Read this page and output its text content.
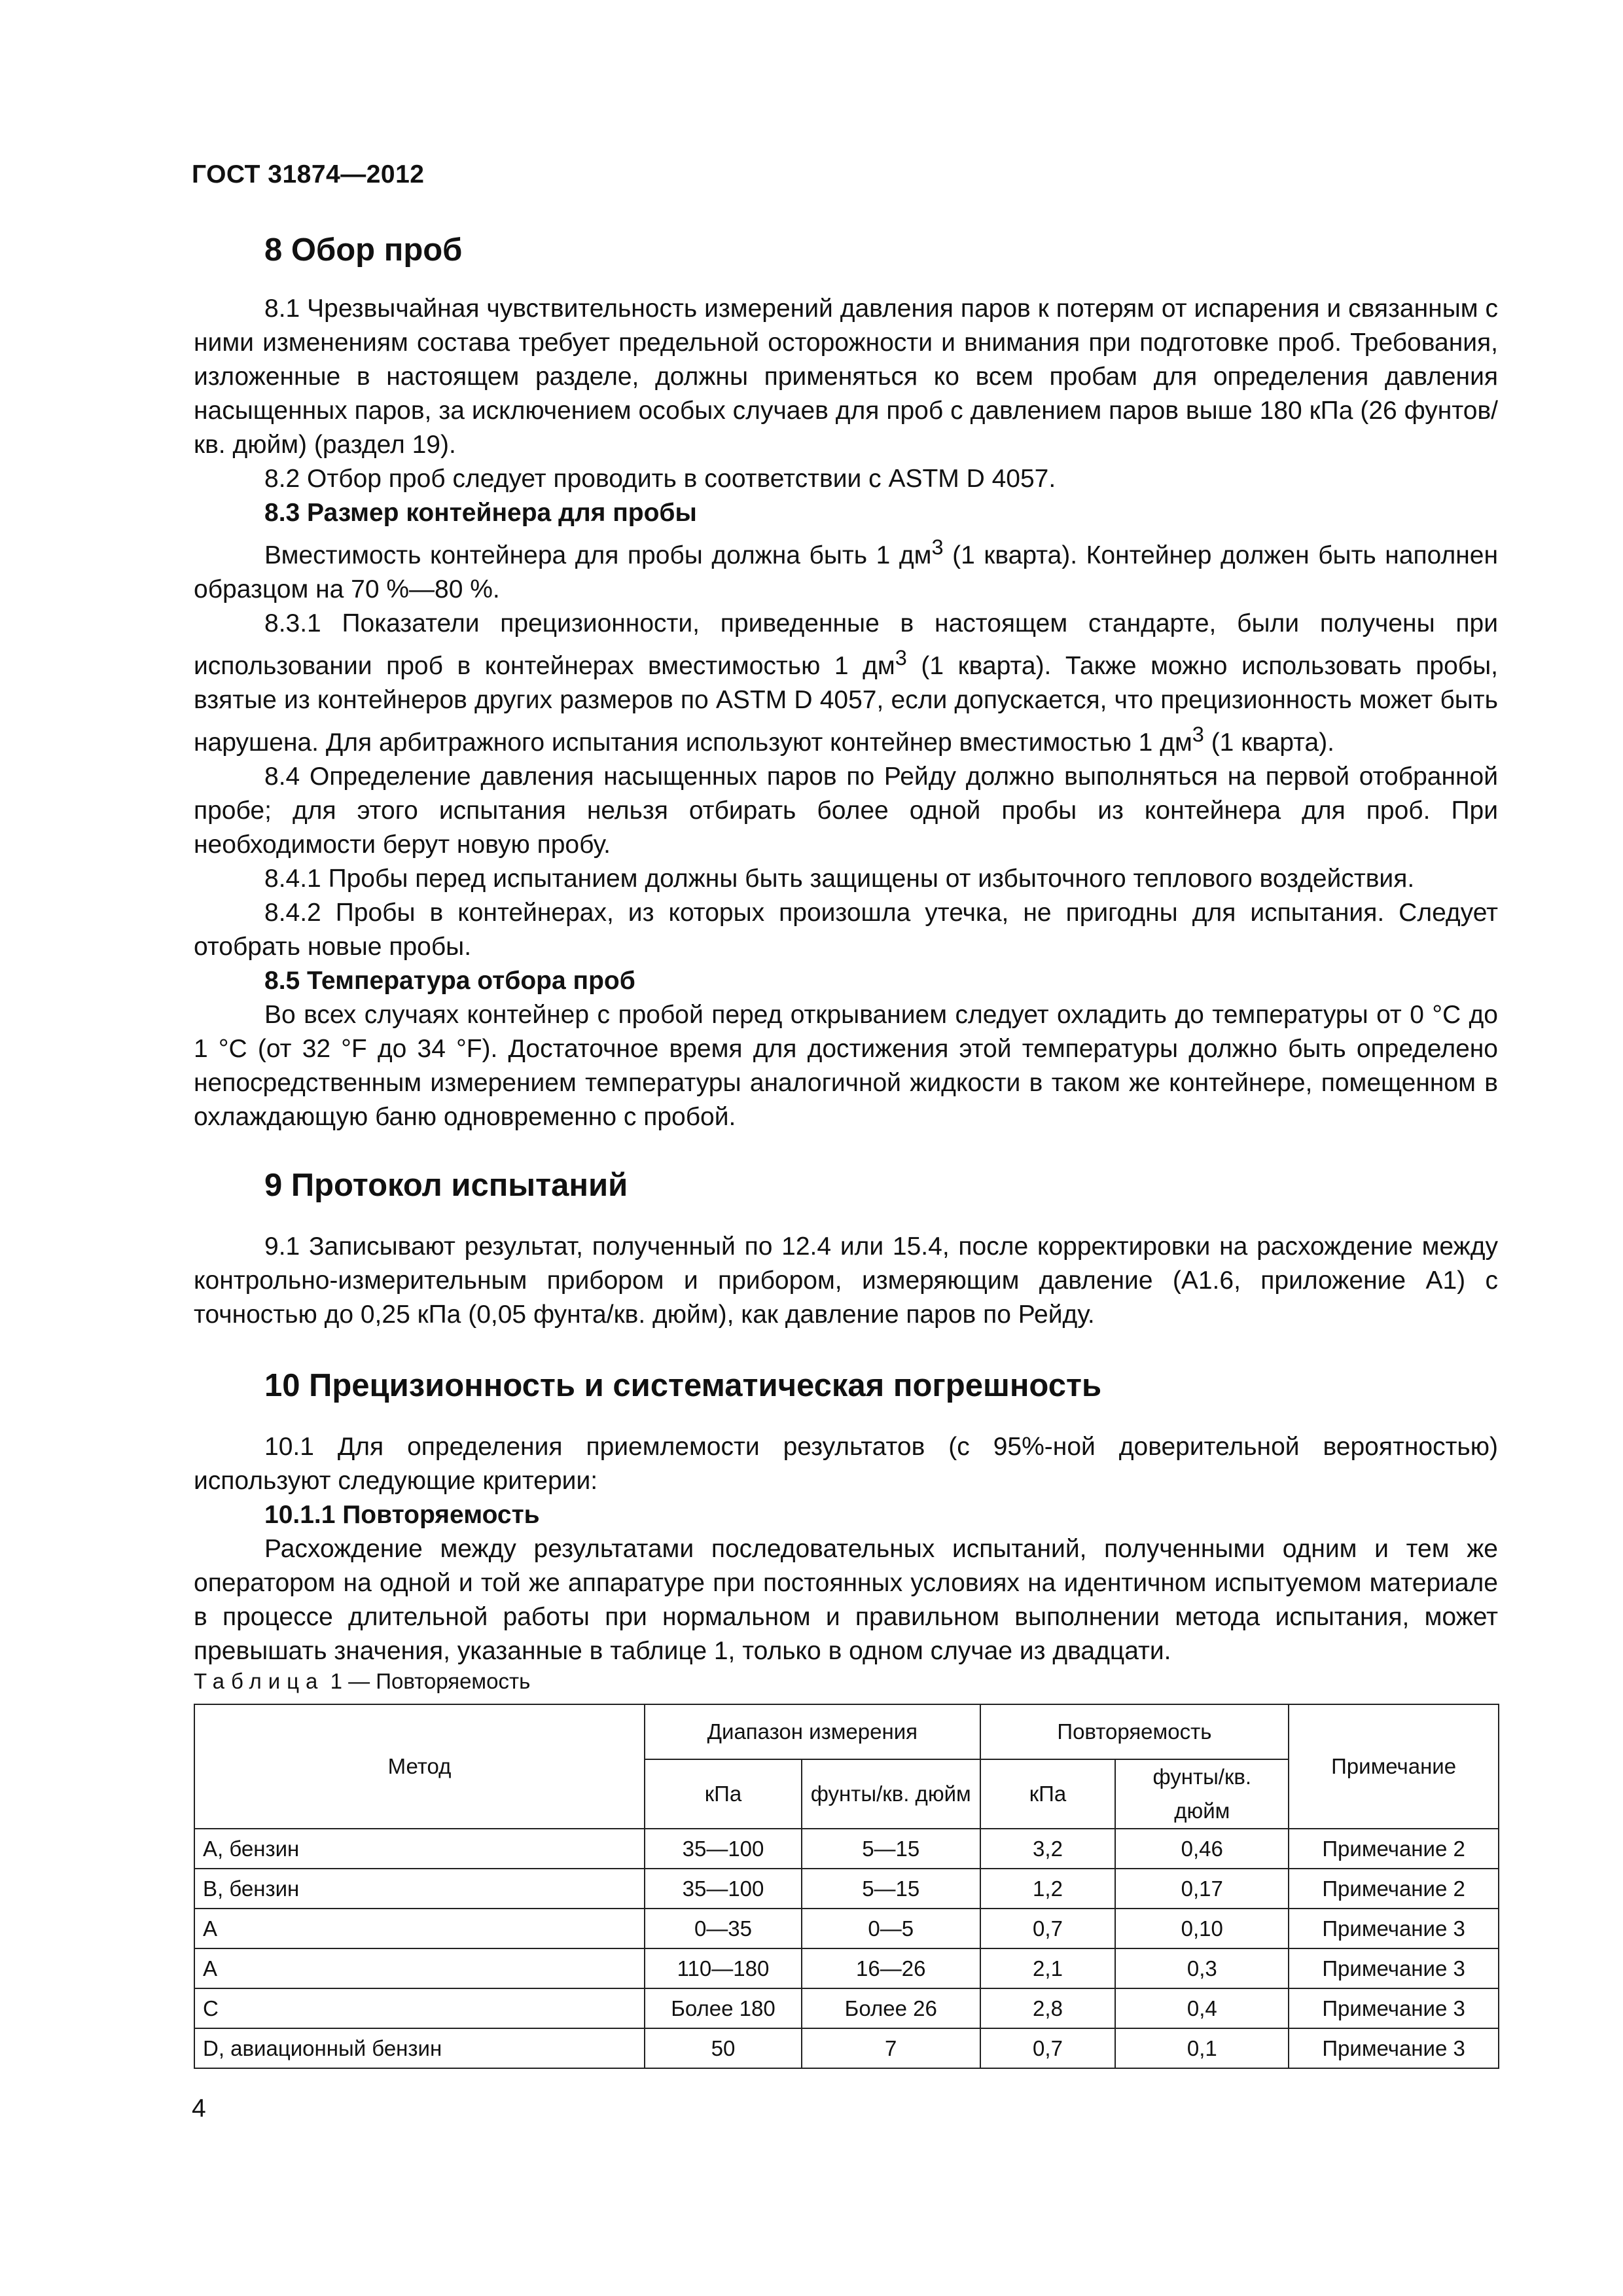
ГОСТ 31874—2012
8 Обор проб

8.1 Чрезвычайная чувствительность измерений давления паров к потерям от испарения и связанным с ними изменениям состава требует предельной осторожности и внимания при подготовке проб. Требования, изложенные в настоящем разделе, должны применяться ко всем пробам для определения давления насыщенных паров, за исключением особых случаев для проб с давлением паров выше 180 кПа (26 фунтов/кв. дюйм) (раздел 19).

8.2 Отбор проб следует проводить в соответствии с ASTM D 4057.

8.3 Размер контейнера для пробы

Вместимость контейнера для пробы должна быть 1 $дм^3$ (1 кварта). Контейнер должен быть наполнен образцом на 70 %—80 %.

8.3.1 Показатели прецизионности, приведенные в настоящем стандарте, были получены при использовании проб в контейнерах вместимостью 1 $дм^3$ (1 кварта). Также можно использовать пробы, взятые из контейнеров других размеров по ASTM D 4057, если допускается, что прецизионность может быть нарушена. Для арбитражного испытания используют контейнер вместимостью 1 $дм^3$ (1 кварта).

8.4 Определение давления насыщенных паров по Рейду должно выполняться на первой отобранной пробе; для этого испытания нельзя отбирать более одной пробы из контейнера для проб. При необходимости берут новую пробу.

8.4.1 Пробы перед испытанием должны быть защищены от избыточного теплового воздействия.

8.4.2 Пробы в контейнерах, из которых произошла утечка, не пригодны для испытания. Следует отобрать новые пробы.

8.5 Температура отбора проб

Во всех случаях контейнер с пробой перед открыванием следует охладить до температуры от 0 °С до 1 °С (от 32 °F до 34 °F). Достаточное время для достижения этой температуры должно быть определено непосредственным измерением температуры аналогичной жидкости в таком же контейнере, помещенном в охлаждающую баню одновременно с пробой.

9 Протокол испытаний

9.1 Записывают результат, полученный по 12.4 или 15.4, после корректировки на расхождение между контрольно-измерительным прибором и прибором, измеряющим давление (А1.6, приложение А1) с точностью до 0,25 кПа (0,05 фунта/кв. дюйм), как давление паров по Рейду.

10 Прецизионность и систематическая погрешность

10.1 Для определения приемлемости результатов (с 95%-ной доверительной вероятностью) используют следующие критерии:

10.1.1 Повторяемость

Расхождение между результатами последовательных испытаний, полученными одним и тем же оператором на одной и той же аппаратуре при постоянных условиях на идентичном испытуемом материале в процессе длительной работы при нормальном и правильном выполнении метода испытания, может превышать значения, указанные в таблице 1, только в одном случае из двадцати.

Таблица 1 — Повторяемость

Метод	Диапазон измерения		Повторяемость		Примечание
	кПа	фунты/кв. дюйм	кПа	фунты/кв. дюйм	
A, бензин	35—100	5—15	3,2	0,46	Примечание 2
B, бензин	35—100	5—15	1,2	0,17	Примечание 2
A	0—35	0—5	0,7	0,10	Примечание 3
A	110—180	16—26	2,1	0,3	Примечание 3
C	Более 180	Более 26	2,8	0,4	Примечание 3
D, авиационный бензин	50	7	0,7	0,1	Примечание 3
4
